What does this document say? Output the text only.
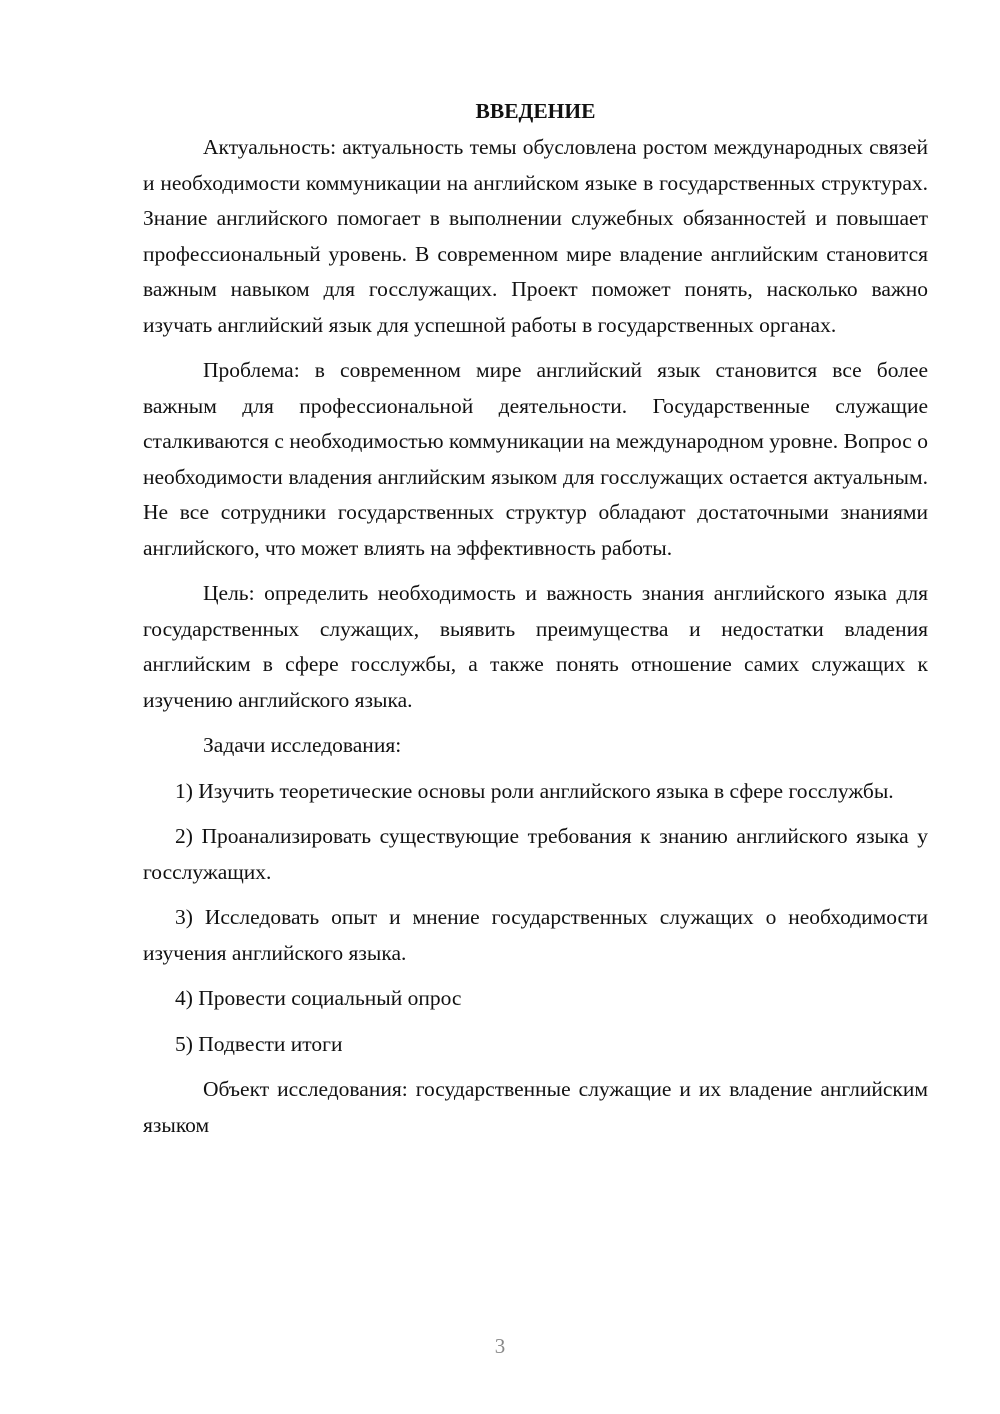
ВВЕДЕНИЕ

Актуальность: актуальность темы обусловлена ростом международных связей и необходимости коммуникации на английском языке в государственных структурах. Знание английского помогает в выполнении служебных обязанностей и повышает профессиональный уровень. В современном мире владение английским становится важным навыком для госслужащих. Проект поможет понять, насколько важно изучать английский язык для успешной работы в государственных органах.

Проблема: в современном мире английский язык становится все более важным для профессиональной деятельности. Государственные служащие сталкиваются с необходимостью коммуникации на международном уровне. Вопрос о необходимости владения английским языком для госслужащих остается актуальным. Не все сотрудники государственных структур обладают достаточными знаниями английского, что может влиять на эффективность работы.

Цель: определить необходимость и важность знания английского языка для государственных служащих, выявить преимущества и недостатки владения английским в сфере госслужбы, а также понять отношение самих служащих к изучению английского языка.

Задачи исследования:

1) Изучить теоретические основы роли английского языка в сфере госслужбы.

2) Проанализировать существующие требования к знанию английского языка у госслужащих.

3) Исследовать опыт и мнение государственных служащих о необходимости изучения английского языка.

4) Провести социальный опрос

5) Подвести итоги

Объект исследования: государственные служащие и их владение английским языком

3
